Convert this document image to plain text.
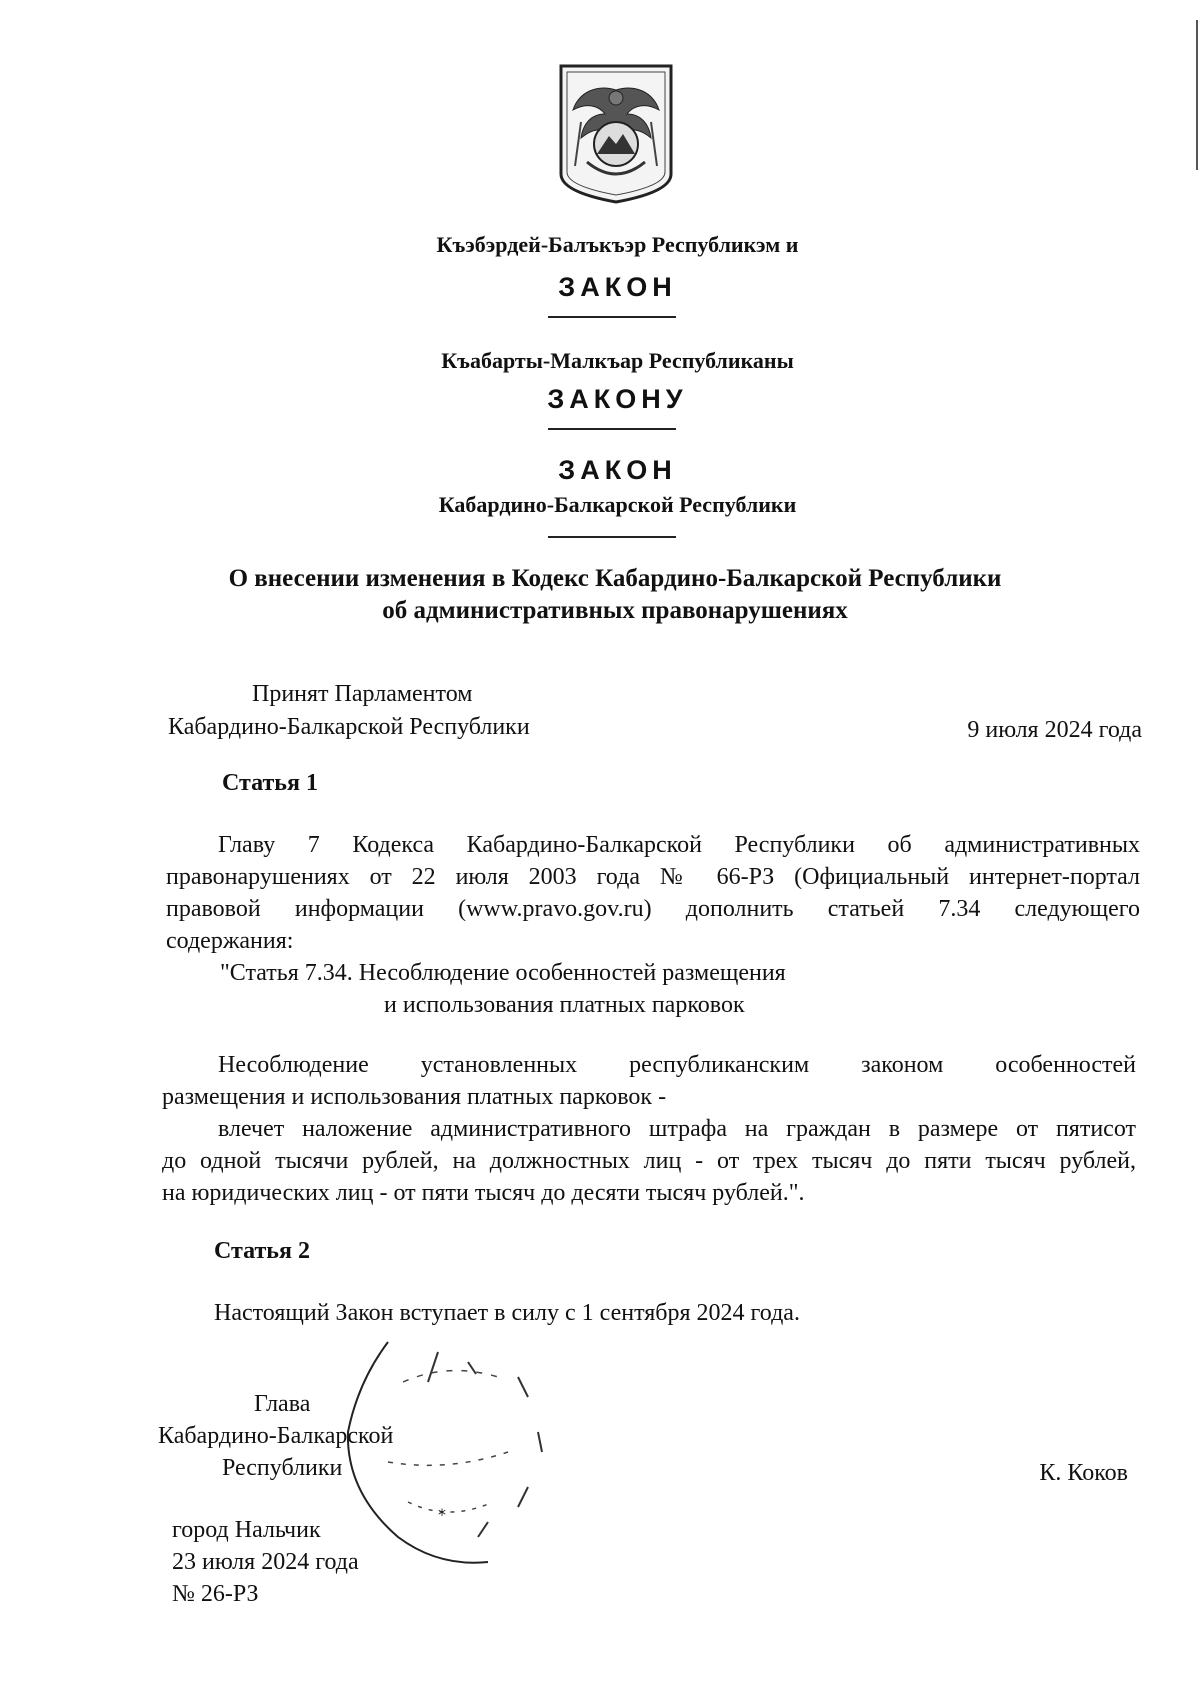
Къэбэрдей-Балъкъэр Республикэм и
ЗАКОН
Къабарты-Малкъар Республиканы
ЗАКОНУ
ЗАКОН
Кабардино-Балкарской Республики
О внесении изменения в Кодекс Кабардино-Балкарской Республики
об административных правонарушениях
Принят Парламентом
Кабардино-Балкарской Республики	9 июля 2024 года
Статья 1
Главу 7 Кодекса Кабардино-Балкарской Республики об административных
правонарушениях от 22 июля 2003 года № 66-РЗ (Официальный интернет-портал
правовой информации (www.pravo.gov.ru) дополнить статьей 7.34 следующего
содержания:
"Статья 7.34. Несоблюдение особенностей размещения
и использования платных парковок
Несоблюдение установленных республиканским законом особенностей
размещения и использования платных парковок -
влечет наложение административного штрафа на граждан в размере от пятисот
до одной тысячи рублей, на должностных лиц - от трех тысяч до пяти тысяч рублей,
на юридических лиц - от пяти тысяч до десяти тысяч рублей.".
Статья 2
Настоящий Закон вступает в силу с 1 сентября 2024 года.
*
Глава
Кабардино-Балкарской
Республики	К. Коков
город Нальчик
23 июля 2024 года
№ 26-РЗ
